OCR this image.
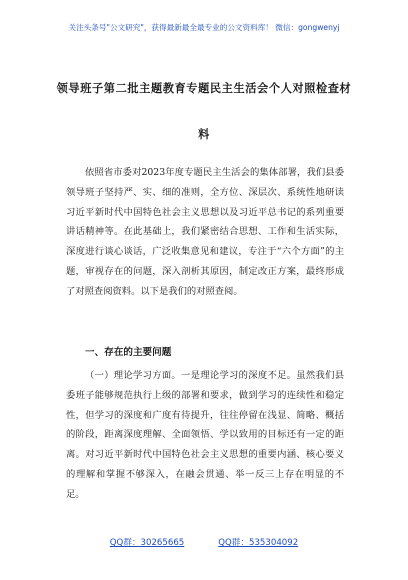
关注头条号"公文研究"，获得最新最全最专业的公文资料库！ 微信：gongwenyj
领导班子第二批主题教育专题民主生活会个人对照检查材
料
依照省市委对2023年度专题民主生活会的集体部署，我们县委领导班子坚持严、实、细的准则，全方位、深层次、系统性地研读习近平新时代中国特色社会主义思想以及习近平总书记的系列重要讲话精神等。在此基础上，我们紧密结合思想、工作和生活实际，深度进行谈心谈话，广泛收集意见和建议，专注于“六个方面”的主题，审视存在的问题，深入剖析其原因，制定改正方案，最终形成了对照查阅资料。以下是我们的对照查阅。
一、存在的主要问题
（一）理论学习方面。一是理论学习的深度不足。虽然我们县委班子能够规范执行上级的部署和要求，做到学习的连续性和稳定性，但学习的深度和广度有待提升，往往停留在浅显、简略、概括的阶段，距离深度理解、全面领悟、学以致用的目标还有一定的距离。对习近平新时代中国特色社会主义思想的重要内涵、核心要义的理解和掌握不够深入，在融会贯通、举一反三上存在明显的不足。
QQ群：30265665	QQ群：535304092
